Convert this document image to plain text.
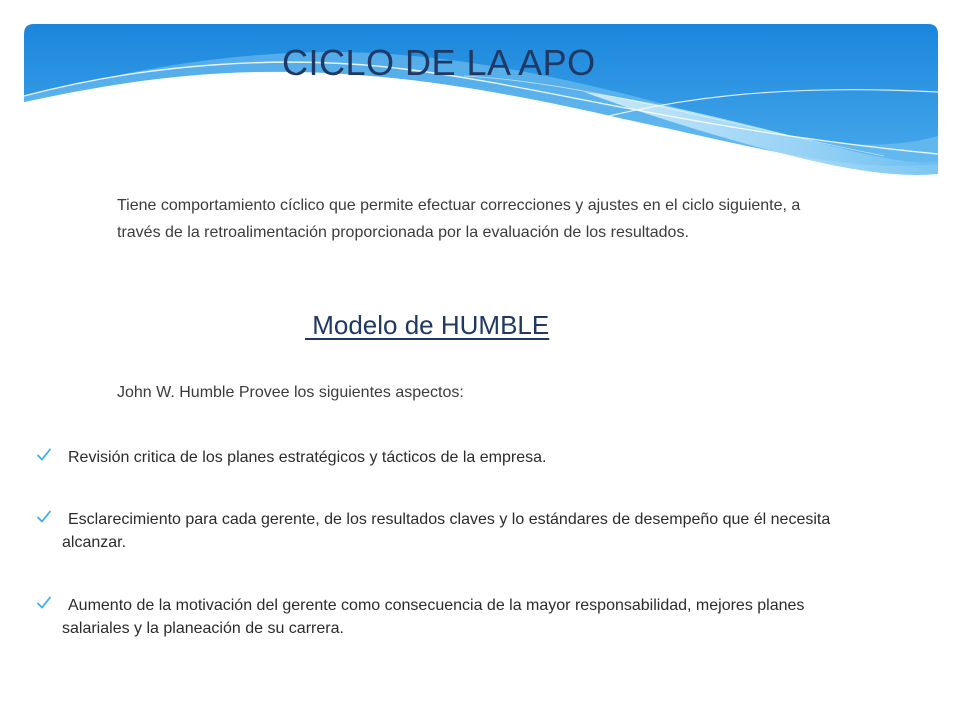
CICLO DE LA APO

Tiene comportamiento cíclico que permite efectuar correcciones y ajustes en el ciclo siguiente, a través de la retroalimentación proporcionada por la evaluación de los resultados.

Modelo de HUMBLE

John W. Humble Provee los siguientes aspectos:

Revisión critica de los planes estratégicos y tácticos de la empresa.
Esclarecimiento para cada gerente, de los resultados claves y lo estándares de desempeño que él necesita alcanzar.
Aumento de la motivación del gerente como consecuencia de la mayor responsabilidad, mejores planes salariales y la planeación de su carrera.
